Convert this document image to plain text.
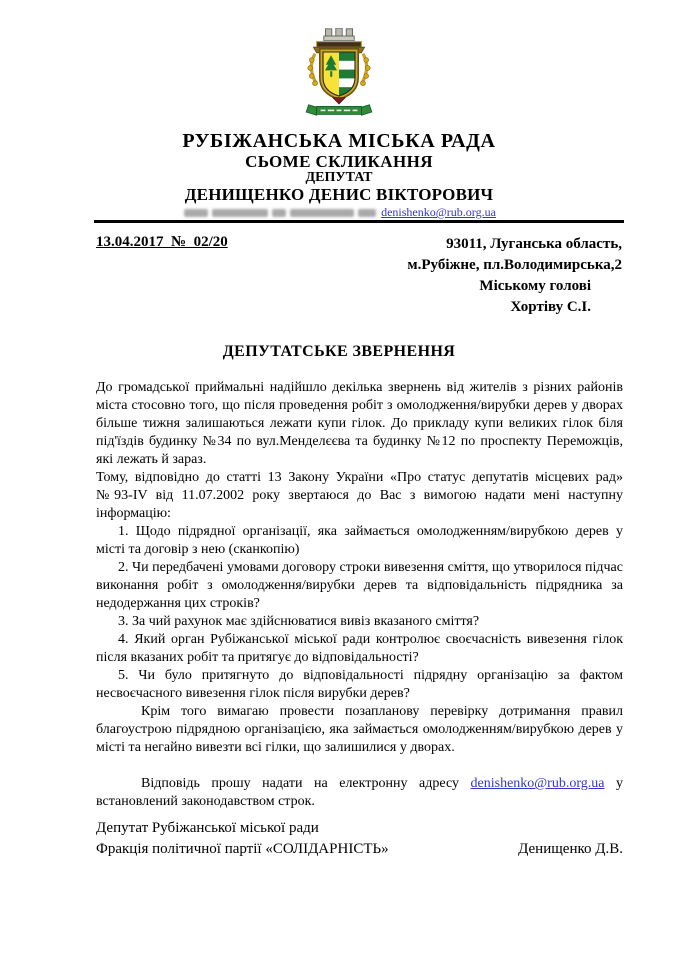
РУБІЖАНСЬКА МІСЬКА РАДА
СЬОМЕ СКЛИКАННЯ
ДЕПУТАТ
ДЕНИЩЕНКО ДЕНИС ВІКТОРОВИЧ
denishenko@rub.org.ua
13.04.2017  №  02/20	93011, Луганська область,
м.Рубіжне, пл.Володимирська,2
Міському голові
Хортіву С.І.
ДЕПУТАТСЬКЕ ЗВЕРНЕННЯ

До громадської приймальні надійшло декілька звернень від жителів з різних районів міста стосовно того, що після проведення робіт з омолодження/вирубки дерев у дворах більше тижня залишаються лежати купи гілок. До прикладу купи великих гілок біля під'їздів будинку №34 по вул.Менделєєва та будинку №12 по проспекту Переможців, які лежать й зараз.

Тому, відповідно до статті 13 Закону України «Про статус депутатів місцевих рад» №93-IV від 11.07.2002 року звертаюся до Вас з вимогою надати мені наступну інформацію:

1. Щодо підрядної організації, яка займається омолодженням/вирубкою дерев у місті та договір з нею (сканкопію)

2. Чи передбачені умовами договору строки вивезення сміття, що утворилося підчас виконання робіт з омолодження/вирубки дерев та відповідальність підрядника за недодержання цих строків?

3. За чий рахунок має здійснюватися вивіз вказаного сміття?

4. Який орган Рубіжанської міської ради контролює своєчасність вивезення гілок після вказаних робіт та притягує до відповідальності?

5. Чи було притягнуто до відповідальності підрядну організацію за фактом несвоєчасного вивезення гілок після вирубки дерев?

Крім того вимагаю провести позапланову перевірку дотримання правил благоустрою підрядною організацією, яка займається омолодженням/вирубкою дерев у місті та негайно вивезти всі гілки, що залишилися у дворах.

Відповідь прошу надати на електронну адресу denishenko@rub.org.ua у встановлений законодавством строк.

Депутат Рубіжанської міської ради
Фракція політичної партії «СОЛІДАРНІСТЬ»	Денищенко Д.В.
